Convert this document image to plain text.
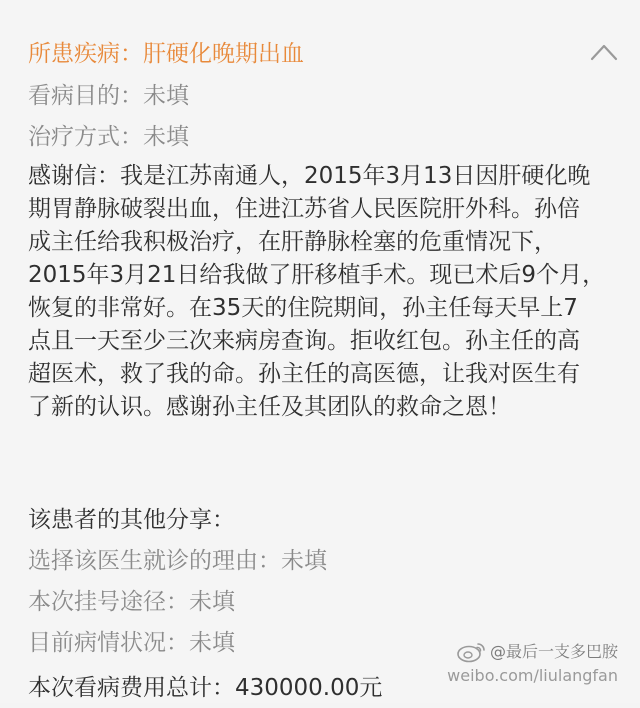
所患疾病：肝硬化晚期出血
看病目的：未填
治疗方式：未填
感谢信：我是江苏南通人，2015年3月13日因肝硬化晚
期胃静脉破裂出血，住进江苏省人民医院肝外科。孙倍
成主任给我积极治疗，在肝静脉栓塞的危重情况下，
2015年3月21日给我做了肝移植手术。现已术后9个月，
恢复的非常好。在35天的住院期间，孙主任每天早上7
点且一天至少三次来病房查询。拒收红包。孙主任的高
超医术，救了我的命。孙主任的高医德，让我对医生有
了新的认识。感谢孙主任及其团队的救命之恩！
该患者的其他分享：
选择该医生就诊的理由：未填
本次挂号途径：未填
目前病情状况：未填
本次看病费用总计：430000.00元
@最后一支多巴胺
weibo.com/liulangfan
